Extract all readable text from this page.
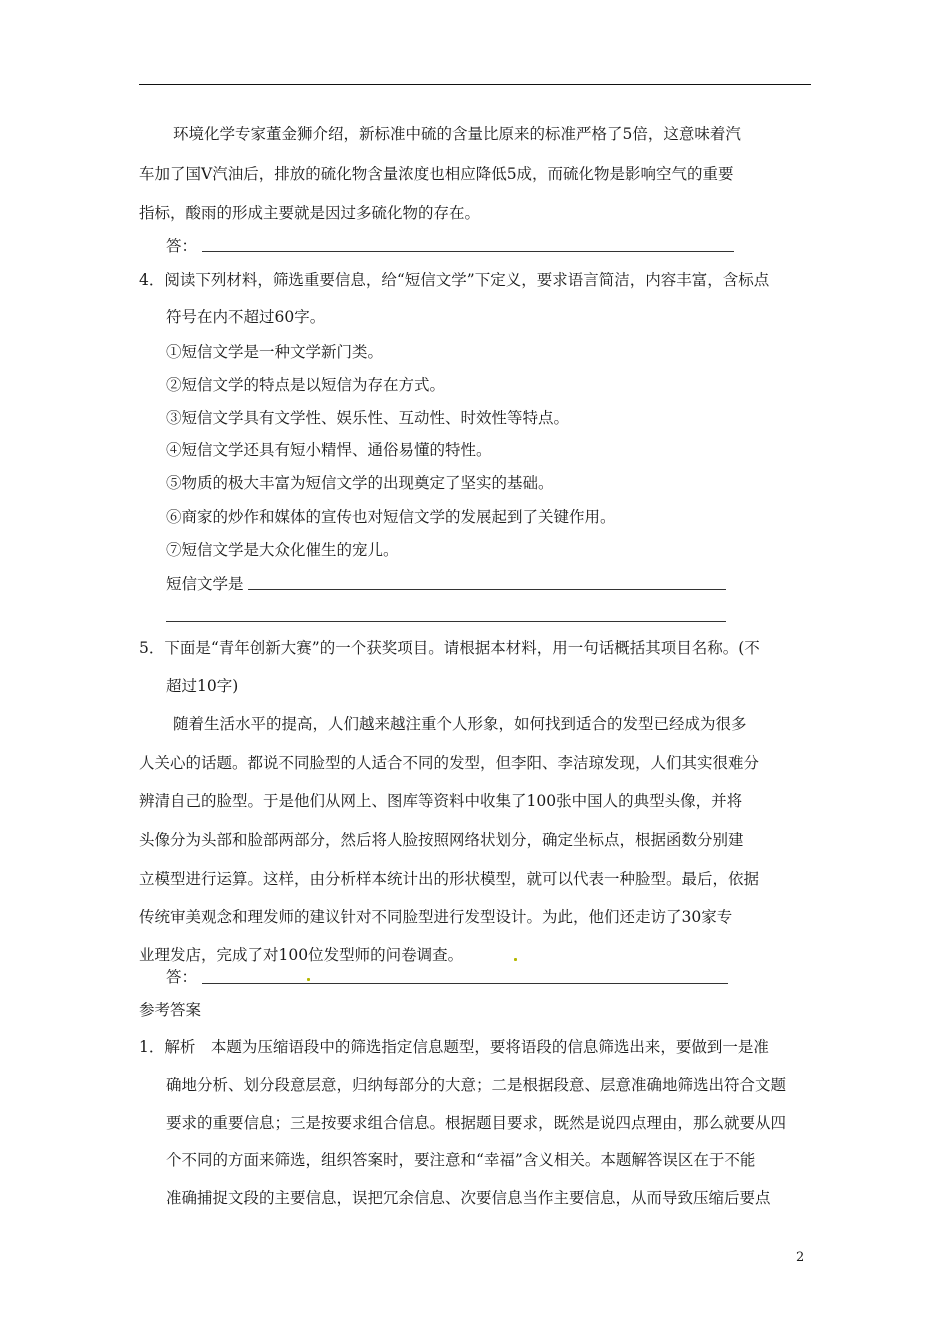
环境化学专家董金狮介绍，新标准中硫的含量比原来的标准严格了5倍，这意味着汽
车加了国Ⅴ汽油后，排放的硫化物含量浓度也相应降低5成，而硫化物是影响空气的重要
指标，酸雨的形成主要就是因过多硫化物的存在。
答：
4．阅读下列材料，筛选重要信息，给“短信文学”下定义，要求语言简洁，内容丰富，含标点
符号在内不超过60字。
①短信文学是一种文学新门类。
②短信文学的特点是以短信为存在方式。
③短信文学具有文学性、娱乐性、互动性、时效性等特点。
④短信文学还具有短小精悍、通俗易懂的特性。
⑤物质的极大丰富为短信文学的出现奠定了坚实的基础。
⑥商家的炒作和媒体的宣传也对短信文学的发展起到了关键作用。
⑦短信文学是大众化催生的宠儿。
短信文学是
5．下面是“青年创新大赛”的一个获奖项目。请根据本材料，用一句话概括其项目名称。(不
超过10字)
随着生活水平的提高，人们越来越注重个人形象，如何找到适合的发型已经成为很多
人关心的话题。都说不同脸型的人适合不同的发型，但李阳、李洁琼发现，人们其实很难分
辨清自己的脸型。于是他们从网上、图库等资料中收集了100张中国人的典型头像，并将
头像分为头部和脸部两部分，然后将人脸按照网络状划分，确定坐标点，根据函数分别建
立模型进行运算。这样，由分析样本统计出的形状模型，就可以代表一种脸型。最后，依据
传统审美观念和理发师的建议针对不同脸型进行发型设计。为此，他们还走访了30家专
业理发店，完成了对100位发型师的问卷调查。
答：
参考答案
1．解析　本题为压缩语段中的筛选指定信息题型，要将语段的信息筛选出来，要做到一是准
确地分析、划分段意层意，归纳每部分的大意；二是根据段意、层意准确地筛选出符合文题
要求的重要信息；三是按要求组合信息。根据题目要求，既然是说四点理由，那么就要从四
个不同的方面来筛选，组织答案时，要注意和“幸福”含义相关。本题解答误区在于不能
准确捕捉文段的主要信息，误把冗余信息、次要信息当作主要信息，从而导致压缩后要点
2
